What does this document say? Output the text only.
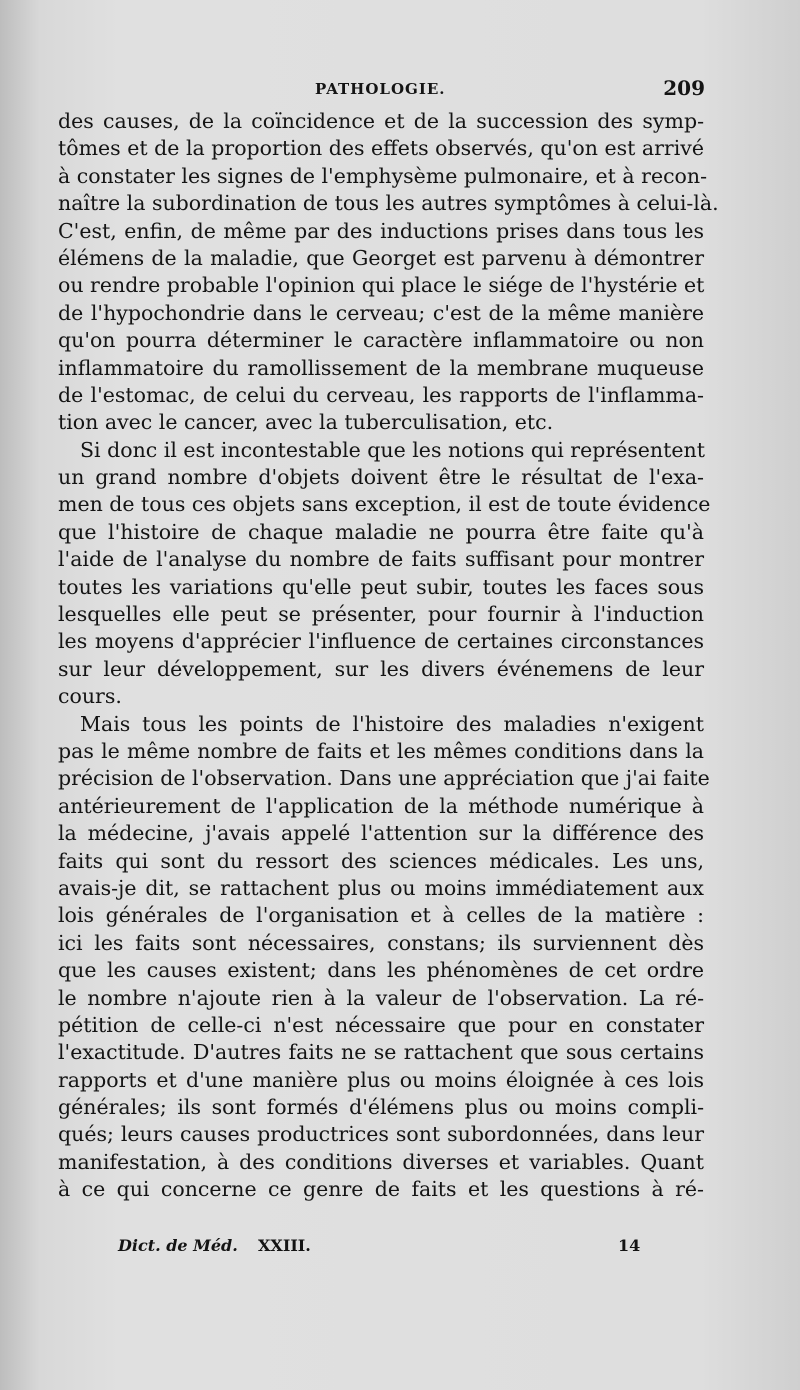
PATHOLOGIE.	209
des causes, de la coïncidence et de la succession des symp-
tômes et de la proportion des effets observés, qu'on est arrivé
à constater les signes de l'emphysème pulmonaire, et à recon-
naître la subordination de tous les autres symptômes à celui-là.
C'est, enfin, de même par des inductions prises dans tous les
élémens de la maladie, que Georget est parvenu à démontrer
ou rendre probable l'opinion qui place le siége de l'hystérie et
de l'hypochondrie dans le cerveau; c'est de la même manière
qu'on pourra déterminer le caractère inflammatoire ou non
inflammatoire du ramollissement de la membrane muqueuse
de l'estomac, de celui du cerveau, les rapports de l'inflamma-
tion avec le cancer, avec la tuberculisation, etc.
Si donc il est incontestable que les notions qui représentent
un grand nombre d'objets doivent être le résultat de l'exa-
men de tous ces objets sans exception, il est de toute évidence
que l'histoire de chaque maladie ne pourra être faite qu'à
l'aide de l'analyse du nombre de faits suffisant pour montrer
toutes les variations qu'elle peut subir, toutes les faces sous
lesquelles elle peut se présenter, pour fournir à l'induction
les moyens d'apprécier l'influence de certaines circonstances
sur leur développement, sur les divers événemens de leur
cours.
Mais tous les points de l'histoire des maladies n'exigent
pas le même nombre de faits et les mêmes conditions dans la
précision de l'observation. Dans une appréciation que j'ai faite
antérieurement de l'application de la méthode numérique à
la médecine, j'avais appelé l'attention sur la différence des
faits qui sont du ressort des sciences médicales. Les uns,
avais-je dit, se rattachent plus ou moins immédiatement aux
lois générales de l'organisation et à celles de la matière :
ici les faits sont nécessaires, constans; ils surviennent dès
que les causes existent; dans les phénomènes de cet ordre
le nombre n'ajoute rien à la valeur de l'observation. La ré-
pétition de celle-ci n'est nécessaire que pour en constater
l'exactitude. D'autres faits ne se rattachent que sous certains
rapports et d'une manière plus ou moins éloignée à ces lois
générales; ils sont formés d'élémens plus ou moins compli-
qués; leurs causes productrices sont subordonnées, dans leur
manifestation, à des conditions diverses et variables. Quant
à ce qui concerne ce genre de faits et les questions à ré-
Dict. de Méd. XXIII.	14
